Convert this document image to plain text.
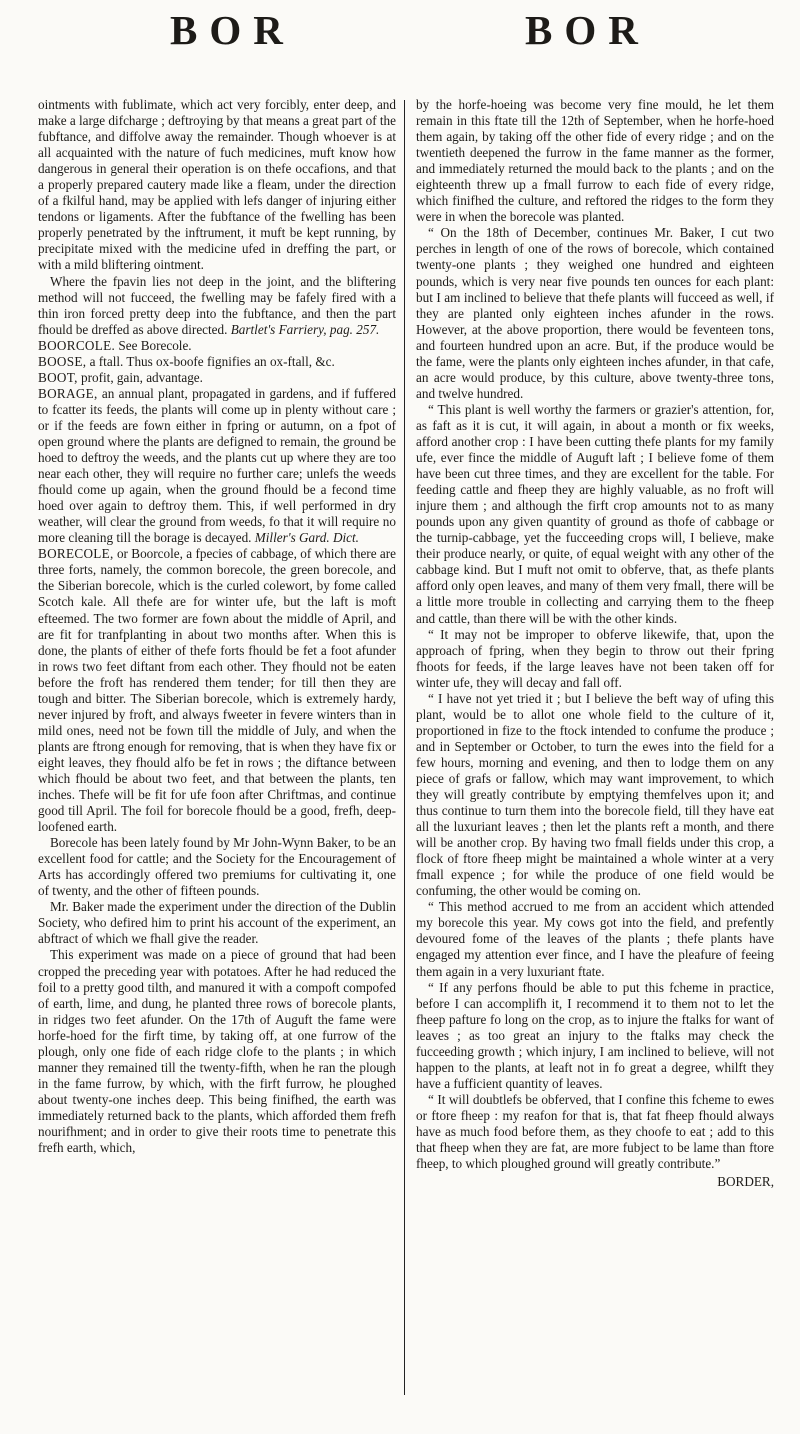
BOR	BOR

ointments with fublimate, which act very forcibly, enter deep, and make a large difcharge ; deftroying by that means a great part of the fubftance, and diffolve away the remainder. Though whoever is at all acquainted with the nature of fuch medicines, muft know how dangerous in general their operation is on thefe occafions, and that a properly prepared cautery made like a fleam, under the direction of a fkilful hand, may be applied with lefs danger of injuring either tendons or ligaments. After the fubftance of the fwelling has been properly penetrated by the inftrument, it muft be kept running, by precipitate mixed with the medicine ufed in dreffing the part, or with a mild bliftering ointment.

Where the fpavin lies not deep in the joint, and the bliftering method will not fucceed, the fwelling may be fafely fired with a thin iron forced pretty deep into the fubftance, and then the part fhould be dreffed as above directed. Bartlet's Farriery, pag. 257.

BOORCOLE. See Borecole.

BOOSE, a ftall. Thus ox-boofe fignifies an ox-ftall, &c.

BOOT, profit, gain, advantage.

BORAGE, an annual plant, propagated in gardens, and if fuffered to fcatter its feeds, the plants will come up in plenty without care ; or if the feeds are fown either in fpring or autumn, on a fpot of open ground where the plants are defigned to remain, the ground be hoed to deftroy the weeds, and the plants cut up where they are too near each other, they will require no further care; unlefs the weeds fhould come up again, when the ground fhould be a fecond time hoed over again to deftroy them. This, if well performed in dry weather, will clear the ground from weeds, fo that it will require no more cleaning till the borage is decayed. Miller's Gard. Dict.

BORECOLE, or Boorcole, a fpecies of cabbage, of which there are three forts, namely, the common borecole, the green borecole, and the Siberian borecole, which is the curled colewort, by fome called Scotch kale. All thefe are for winter ufe, but the laft is moft efteemed. The two former are fown about the middle of April, and are fit for tranfplanting in about two months after. When this is done, the plants of either of thefe forts fhould be fet a foot afunder in rows two feet diftant from each other. They fhould not be eaten before the froft has rendered them tender; for till then they are tough and bitter. The Siberian borecole, which is extremely hardy, never injured by froft, and always fweeter in fevere winters than in mild ones, need not be fown till the middle of July, and when the plants are ftrong enough for removing, that is when they have fix or eight leaves, they fhould alfo be fet in rows ; the diftance between which fhould be about two feet, and that between the plants, ten inches. Thefe will be fit for ufe foon after Chriftmas, and continue good till April. The foil for borecole fhould be a good, frefh, deep-loofened earth.

Borecole has been lately found by Mr John-Wynn Baker, to be an excellent food for cattle; and the Society for the Encouragement of Arts has accordingly offered two premiums for cultivating it, one of twenty, and the other of fifteen pounds.

Mr. Baker made the experiment under the direction of the Dublin Society, who defired him to print his account of the experiment, an abftract of which we fhall give the reader.

This experiment was made on a piece of ground that had been cropped the preceding year with potatoes. After he had reduced the foil to a pretty good tilth, and manured it with a compoft compofed of earth, lime, and dung, he planted three rows of borecole plants, in ridges two feet afunder. On the 17th of Auguft the fame were horfe-hoed for the firft time, by taking off, at one furrow of the plough, only one fide of each ridge clofe to the plants ; in which manner they remained till the twenty-fifth, when he ran the plough in the fame furrow, by which, with the firft furrow, he ploughed about twenty-one inches deep. This being finifhed, the earth was immediately returned back to the plants, which afforded them frefh nourifhment; and in order to give their roots time to penetrate this frefh earth, which,

by the horfe-hoeing was become very fine mould, he let them remain in this ftate till the 12th of September, when he horfe-hoed them again, by taking off the other fide of every ridge ; and on the twentieth deepened the furrow in the fame manner as the former, and immediately returned the mould back to the plants ; and on the eighteenth threw up a fmall furrow to each fide of every ridge, which finifhed the culture, and reftored the ridges to the form they were in when the borecole was planted.

“ On the 18th of December, continues Mr. Baker, I cut two perches in length of one of the rows of borecole, which contained twenty-one plants ; they weighed one hundred and eighteen pounds, which is very near five pounds ten ounces for each plant: but I am inclined to believe that thefe plants will fucceed as well, if they are planted only eighteen inches afunder in the rows. However, at the above proportion, there would be feventeen tons, and fourteen hundred upon an acre. But, if the produce would be the fame, were the plants only eighteen inches afunder, in that cafe, an acre would produce, by this culture, above twenty-three tons, and twelve hundred.

“ This plant is well worthy the farmers or grazier's attention, for, as faft as it is cut, it will again, in about a month or fix weeks, afford another crop : I have been cutting thefe plants for my family ufe, ever fince the middle of Auguft laft ; I believe fome of them have been cut three times, and they are excellent for the table. For feeding cattle and fheep they are highly valuable, as no froft will injure them ; and although the firft crop amounts not to as many pounds upon any given quantity of ground as thofe of cabbage or the turnip-cabbage, yet the fucceeding crops will, I believe, make their produce nearly, or quite, of equal weight with any other of the cabbage kind. But I muft not omit to obferve, that, as thefe plants afford only open leaves, and many of them very fmall, there will be a little more trouble in collecting and carrying them to the fheep and cattle, than there will be with the other kinds.

“ It may not be improper to obferve likewife, that, upon the approach of fpring, when they begin to throw out their fpring fhoots for feeds, if the large leaves have not been taken off for winter ufe, they will decay and fall off.

“ I have not yet tried it ; but I believe the beft way of ufing this plant, would be to allot one whole field to the culture of it, proportioned in fize to the ftock intended to confume the produce ; and in September or October, to turn the ewes into the field for a few hours, morning and evening, and then to lodge them on any piece of grafs or fallow, which may want improvement, to which they will greatly contribute by emptying themfelves upon it; and thus continue to turn them into the borecole field, till they have eat all the luxuriant leaves ; then let the plants reft a month, and there will be another crop. By having two fmall fields under this crop, a flock of ftore fheep might be maintained a whole winter at a very fmall expence ; for while the produce of one field would be confuming, the other would be coming on.

“ This method accrued to me from an accident which attended my borecole this year. My cows got into the field, and prefently devoured fome of the leaves of the plants ; thefe plants have engaged my attention ever fince, and I have the pleafure of feeing them again in a very luxuriant ftate.

“ If any perfons fhould be able to put this fcheme in practice, before I can accomplifh it, I recommend it to them not to let the fheep pafture fo long on the crop, as to injure the ftalks for want of leaves ; as too great an injury to the ftalks may check the fucceeding growth ; which injury, I am inclined to believe, will not happen to the plants, at leaft not in fo great a degree, whilft they have a fufficient quantity of leaves.

“ It will doubtlefs be obferved, that I confine this fcheme to ewes or ftore fheep : my reafon for that is, that fat fheep fhould always have as much food before them, as they choofe to eat ; add to this that fheep when they are fat, are more fubject to be lame than ftore fheep, to which ploughed ground will greatly contribute.”

BORDER,
